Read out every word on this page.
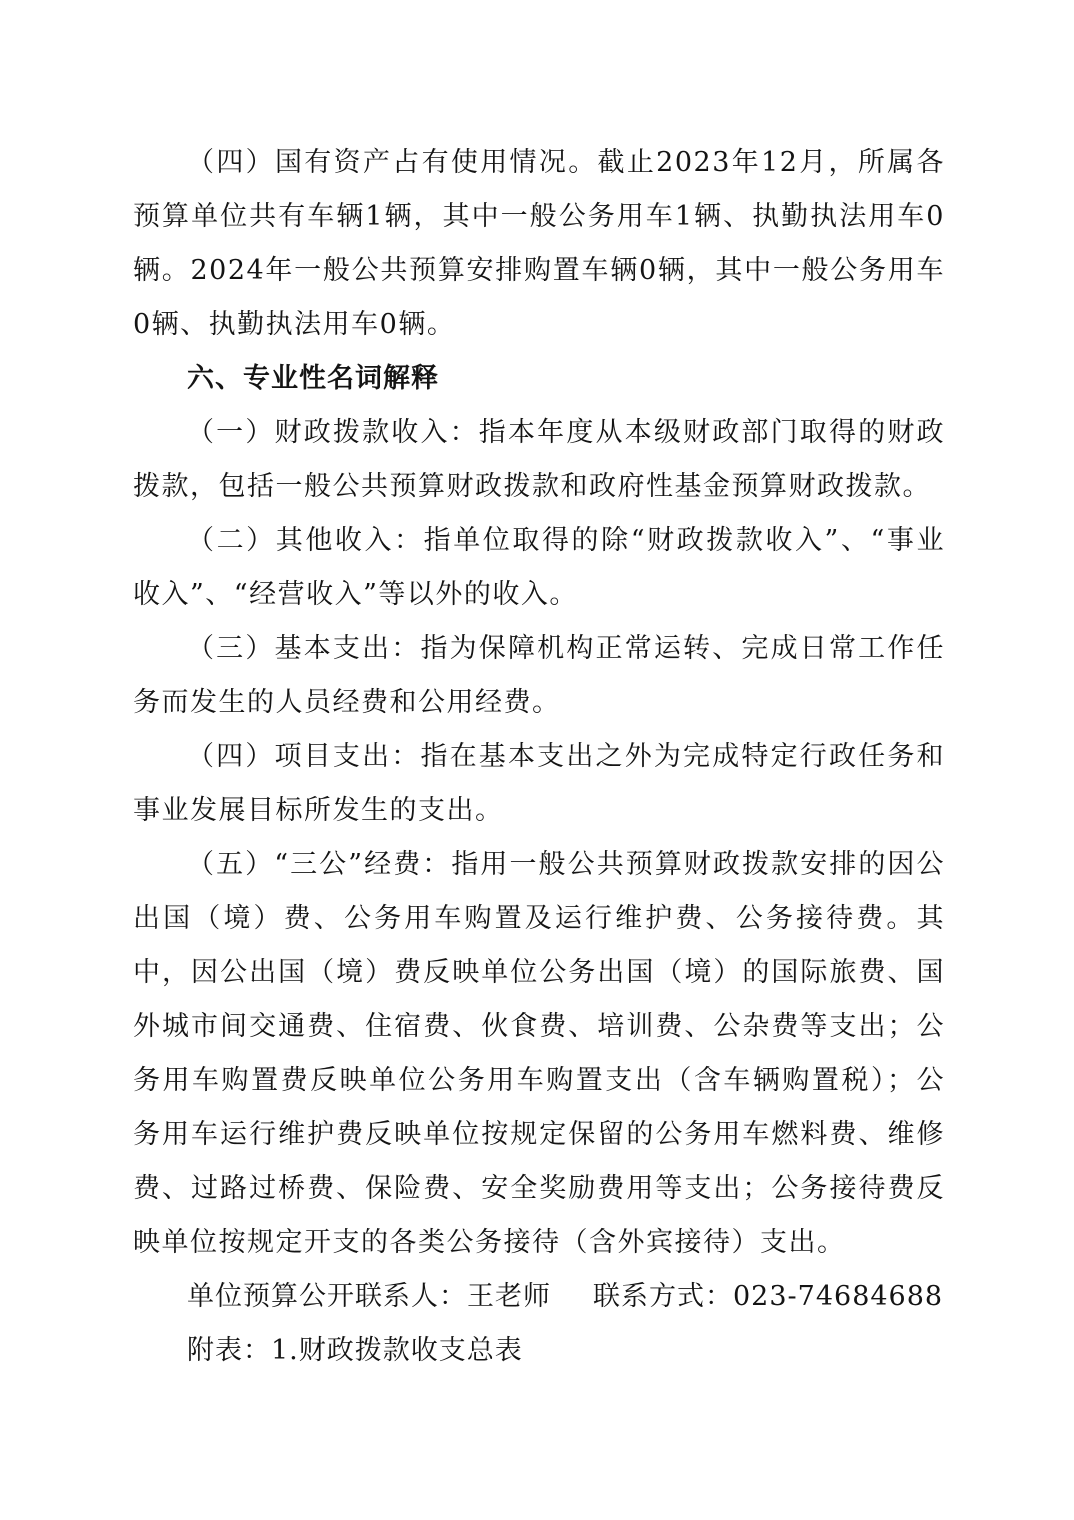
（四）国有资产占有使用情况。截止2023年12月，所属各预算单位共有车辆1辆，其中一般公务用车1辆、执勤执法用车0辆。2024年一般公共预算安排购置车辆0辆，其中一般公务用车0辆、执勤执法用车0辆。

六、专业性名词解释

（一）财政拨款收入：指本年度从本级财政部门取得的财政拨款，包括一般公共预算财政拨款和政府性基金预算财政拨款。

（二）其他收入：指单位取得的除“财政拨款收入”、“事业收入”、“经营收入”等以外的收入。

（三）基本支出：指为保障机构正常运转、完成日常工作任务而发生的人员经费和公用经费。

（四）项目支出：指在基本支出之外为完成特定行政任务和事业发展目标所发生的支出。

（五）“三公”经费：指用一般公共预算财政拨款安排的因公出国（境）费、公务用车购置及运行维护费、公务接待费。其中，因公出国（境）费反映单位公务出国（境）的国际旅费、国外城市间交通费、住宿费、伙食费、培训费、公杂费等支出；公务用车购置费反映单位公务用车购置支出（含车辆购置税）；公务用车运行维护费反映单位按规定保留的公务用车燃料费、维修费、过路过桥费、保险费、安全奖励费用等支出；公务接待费反映单位按规定开支的各类公务接待（含外宾接待）支出。

单位预算公开联系人：王老师 联系方式：023-74684688

附表：1.财政拨款收支总表
